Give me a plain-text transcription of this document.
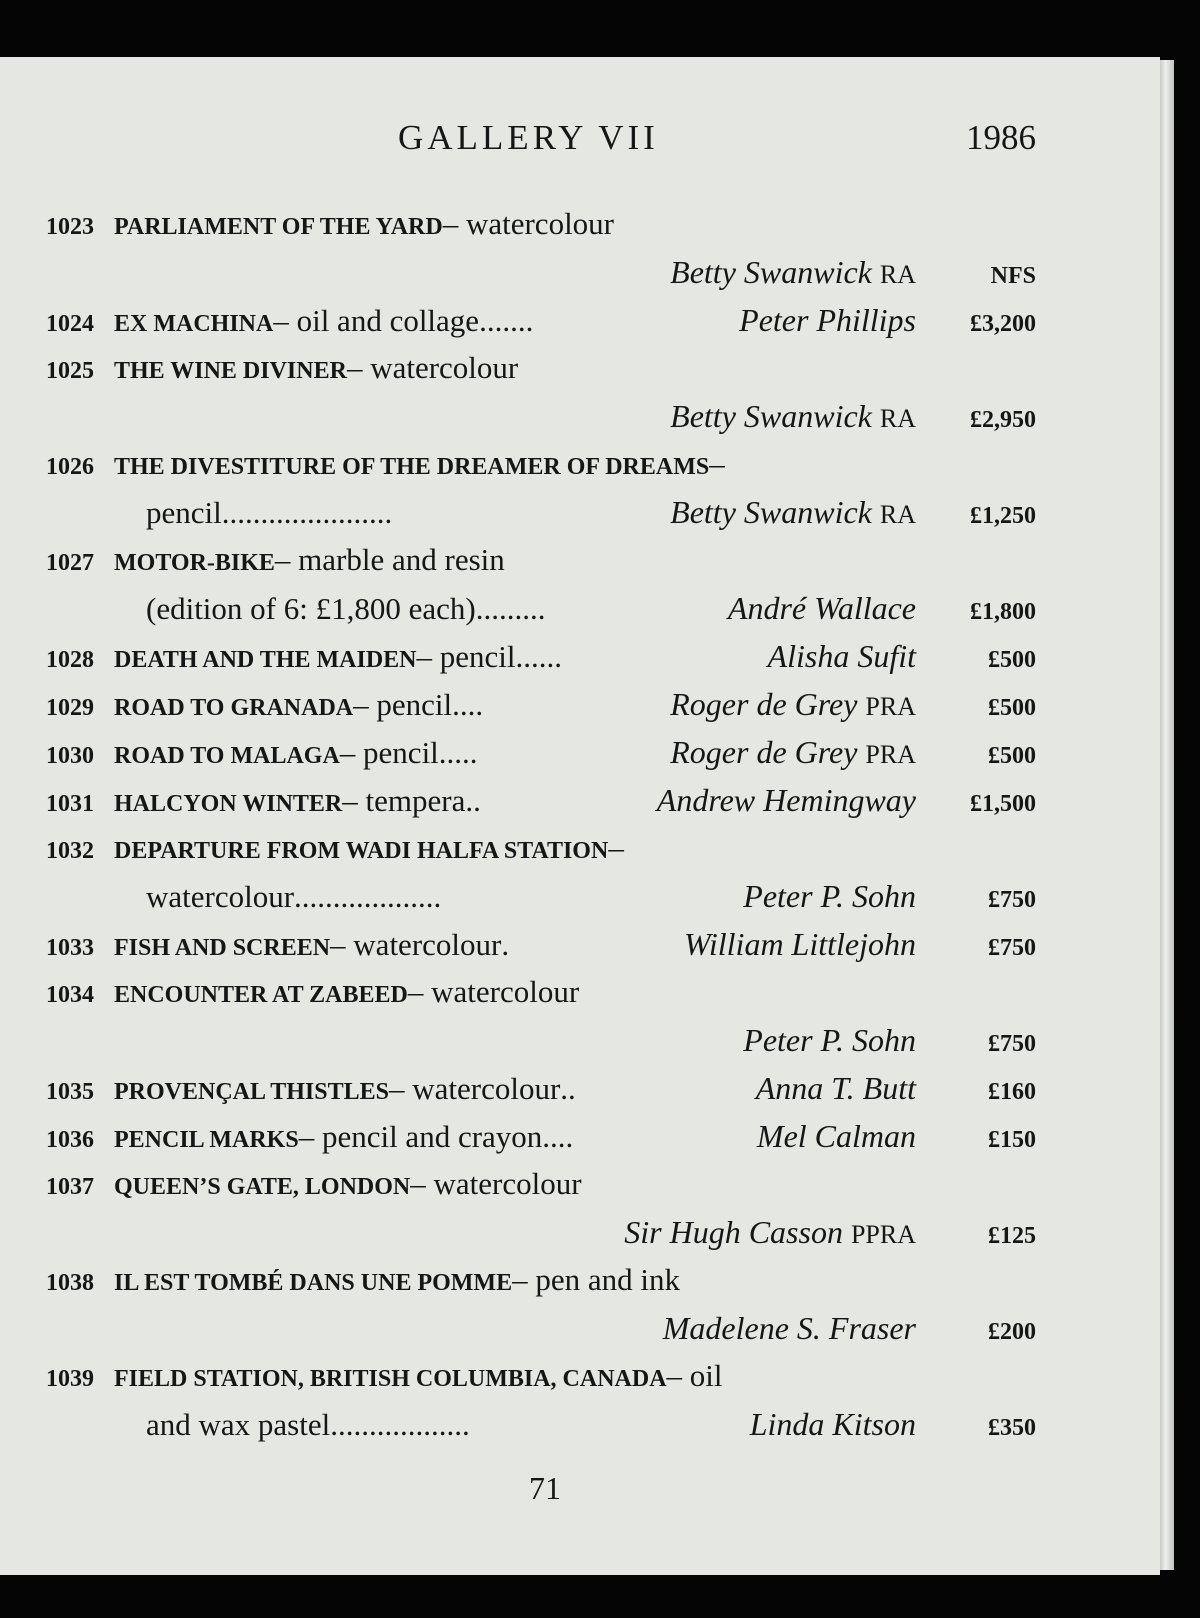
GALLERY VII	1986
1023 PARLIAMENT OF THE YARD – watercolour
Betty Swanwick RA	NFS
1024 EX MACHINA – oil and collage .......	Peter Phillips	£3,200
1025 THE WINE DIVINER – watercolour
Betty Swanwick RA	£2,950
1026 THE DIVESTITURE OF THE DREAMER OF DREAMS –
pencil ......................	Betty Swanwick RA	£1,250
1027 MOTOR-BIKE – marble and resin
(edition of 6: £1,800 each) .........	André Wallace	£1,800
1028 DEATH AND THE MAIDEN – pencil ......	Alisha Sufit	£500
1029 ROAD TO GRANADA – pencil ....	Roger de Grey PRA	£500
1030 ROAD TO MALAGA – pencil .....	Roger de Grey PRA	£500
1031 HALCYON WINTER – tempera ..	Andrew Hemingway	£1,500
1032 DEPARTURE FROM WADI HALFA STATION –
watercolour ...................	Peter P. Sohn	£750
1033 FISH AND SCREEN – watercolour .	William Littlejohn	£750
1034 ENCOUNTER AT ZABEED – watercolour
Peter P. Sohn	£750
1035 PROVENÇAL THISTLES – watercolour ..	Anna T. Butt	£160
1036 PENCIL MARKS – pencil and crayon ....	Mel Calman	£150
1037 QUEEN’S GATE, LONDON – watercolour
Sir Hugh Casson PPRA	£125
1038 IL EST TOMBÉ DANS UNE POMME – pen and ink
Madelene S. Fraser	£200
1039 FIELD STATION, BRITISH COLUMBIA, CANADA – oil
and wax pastel ..................	Linda Kitson	£350
71
